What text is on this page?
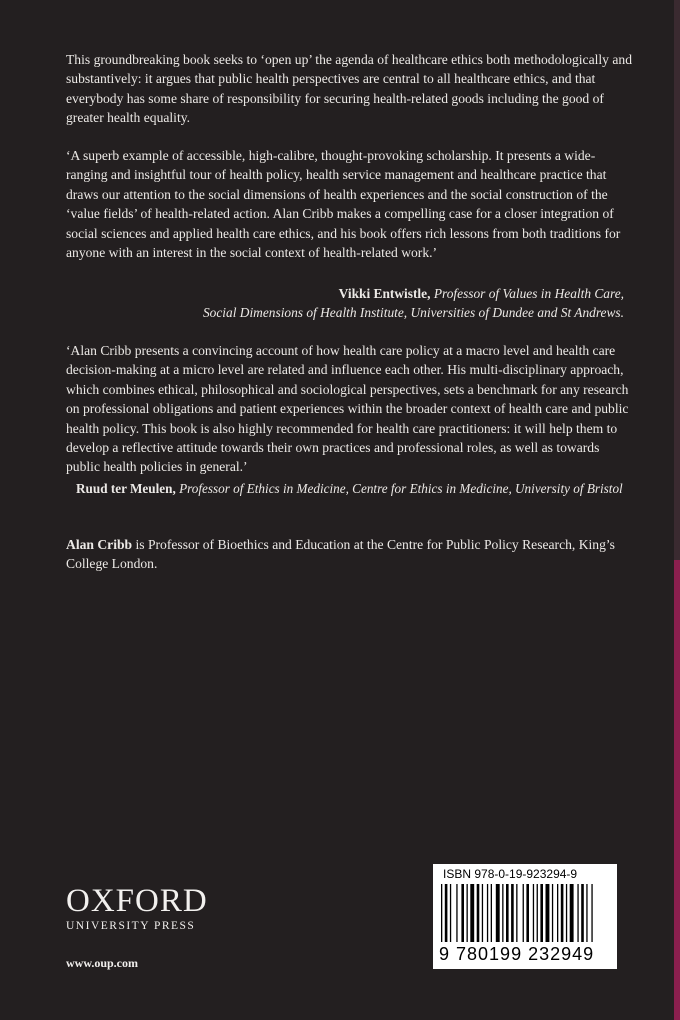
This groundbreaking book seeks to ‘open up’ the agenda of healthcare ethics both methodologically and substantively: it argues that public health perspectives are central to all healthcare ethics, and that everybody has some share of responsibility for securing health-related goods including the good of greater health equality.
‘A superb example of accessible, high-calibre, thought-provoking scholarship. It presents a wide-ranging and insightful tour of health policy, health service management and healthcare practice that draws our attention to the social dimensions of health experiences and the social construction of the ‘value fields’ of health-related action. Alan Cribb makes a compelling case for a closer integration of social sciences and applied health care ethics, and his book offers rich lessons from both traditions for anyone with an interest in the social context of health-related work.’
Vikki Entwistle, Professor of Values in Health Care,
Social Dimensions of Health Institute, Universities of Dundee and St Andrews.
‘Alan Cribb presents a convincing account of how health care policy at a macro level and health care decision-making at a micro level are related and influence each other. His multi-disciplinary approach, which combines ethical, philosophical and sociological perspectives, sets a benchmark for any research on professional obligations and patient experiences within the broader context of health care and public health policy. This book is also highly recommended for health care practitioners: it will help them to develop a reflective attitude towards their own practices and professional roles, as well as towards public health policies in general.’
Ruud ter Meulen, Professor of Ethics in Medicine, Centre for Ethics in Medicine, University of Bristol
Alan Cribb is Professor of Bioethics and Education at the Centre for Public Policy Research, King’s College London.
OXFORD
UNIVERSITY PRESS
www.oup.com
ISBN 978-0-19-923294-9
9 780199 232949
